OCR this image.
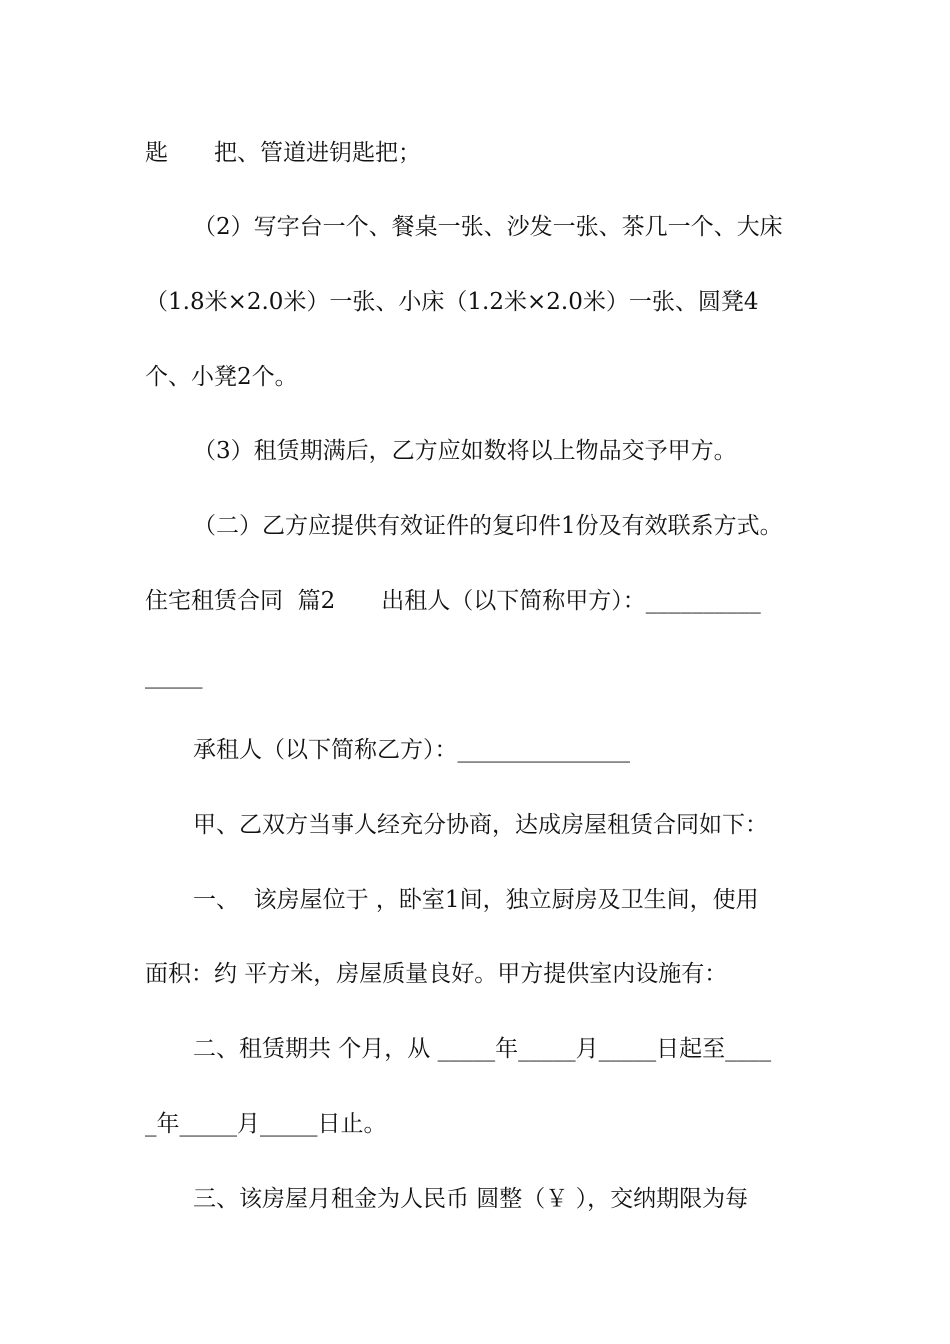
匙　　把、管道进钥匙把；
（2）写字台一个、餐桌一张、沙发一张、茶几一个、大床
（1.8米×2.0米）一张、小床（1.2米×2.0米）一张、圆凳4
个、小凳2个。
（3）租赁期满后，乙方应如数将以上物品交予甲方。
（二）乙方应提供有效证件的复印件1份及有效联系方式。
住宅租赁合同  篇2　　出租人（以下简称甲方）：__________
_____
承租人（以下简称乙方）：_______________
甲、乙双方当事人经充分协商，达成房屋租赁合同如下：
一、  该房屋位于 ，卧室1间，独立厨房及卫生间，使用
面积：约 平方米，房屋质量良好。甲方提供室内设施有：
二、租赁期共 个月，从 _____年_____月_____日起至____
_年_____月_____日止。
三、该房屋月租金为人民币 圆整（￥ ），交纳期限为每
